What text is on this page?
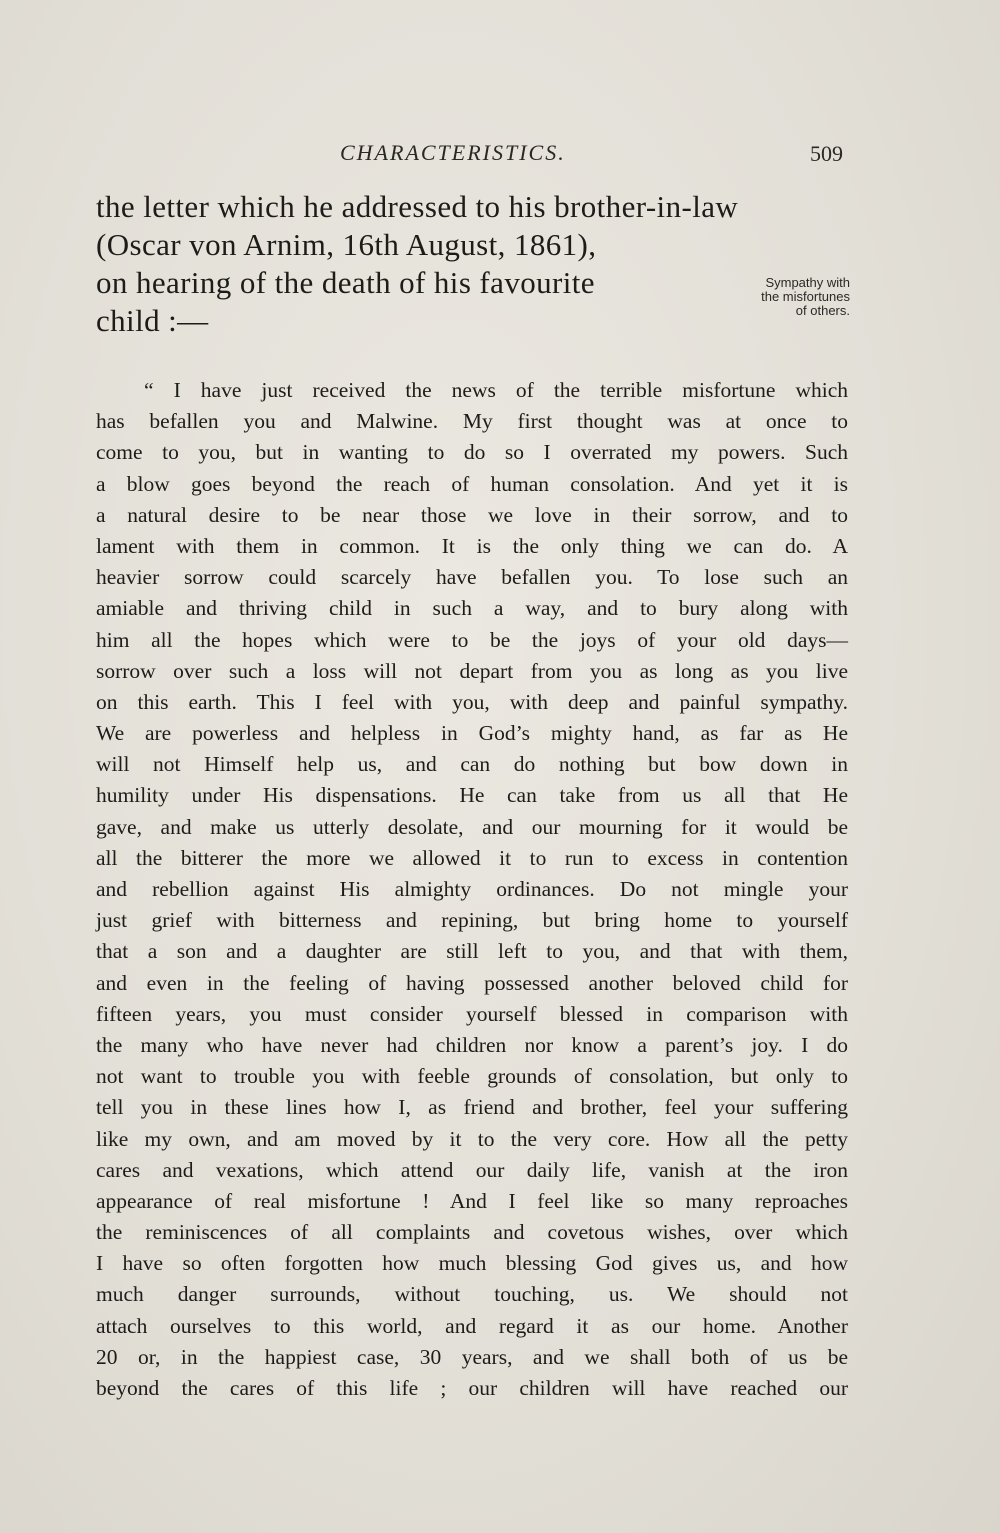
CHARACTERISTICS.	509
the letter which he addressed to his brother-in-law
(Oscar von Arnim, 16th August, 1861),
on hearing of the death of his favourite
child :—
Sympathy with
the misfortunes
of others.
“ I have just received the news of the terrible misfortune which
has befallen you and Malwine. My first thought was at once to
come to you, but in wanting to do so I overrated my powers. Such
a blow goes beyond the reach of human consolation. And yet it is
a natural desire to be near those we love in their sorrow, and to
lament with them in common. It is the only thing we can do. A
heavier sorrow could scarcely have befallen you. To lose such an
amiable and thriving child in such a way, and to bury along with
him all the hopes which were to be the joys of your old days—
sorrow over such a loss will not depart from you as long as you live
on this earth. This I feel with you, with deep and painful sympathy.
We are powerless and helpless in God’s mighty hand, as far as He
will not Himself help us, and can do nothing but bow down in
humility under His dispensations. He can take from us all that He
gave, and make us utterly desolate, and our mourning for it would be
all the bitterer the more we allowed it to run to excess in contention
and rebellion against His almighty ordinances. Do not mingle your
just grief with bitterness and repining, but bring home to yourself
that a son and a daughter are still left to you, and that with them,
and even in the feeling of having possessed another beloved child for
fifteen years, you must consider yourself blessed in comparison with
the many who have never had children nor know a parent’s joy. I do
not want to trouble you with feeble grounds of consolation, but only to
tell you in these lines how I, as friend and brother, feel your suffering
like my own, and am moved by it to the very core. How all the petty
cares and vexations, which attend our daily life, vanish at the iron
appearance of real misfortune ! And I feel like so many reproaches
the reminiscences of all complaints and covetous wishes, over which
I have so often forgotten how much blessing God gives us, and how
much danger surrounds, without touching, us. We should not
attach ourselves to this world, and regard it as our home. Another
20 or, in the happiest case, 30 years, and we shall both of us be
beyond the cares of this life ; our children will have reached our
